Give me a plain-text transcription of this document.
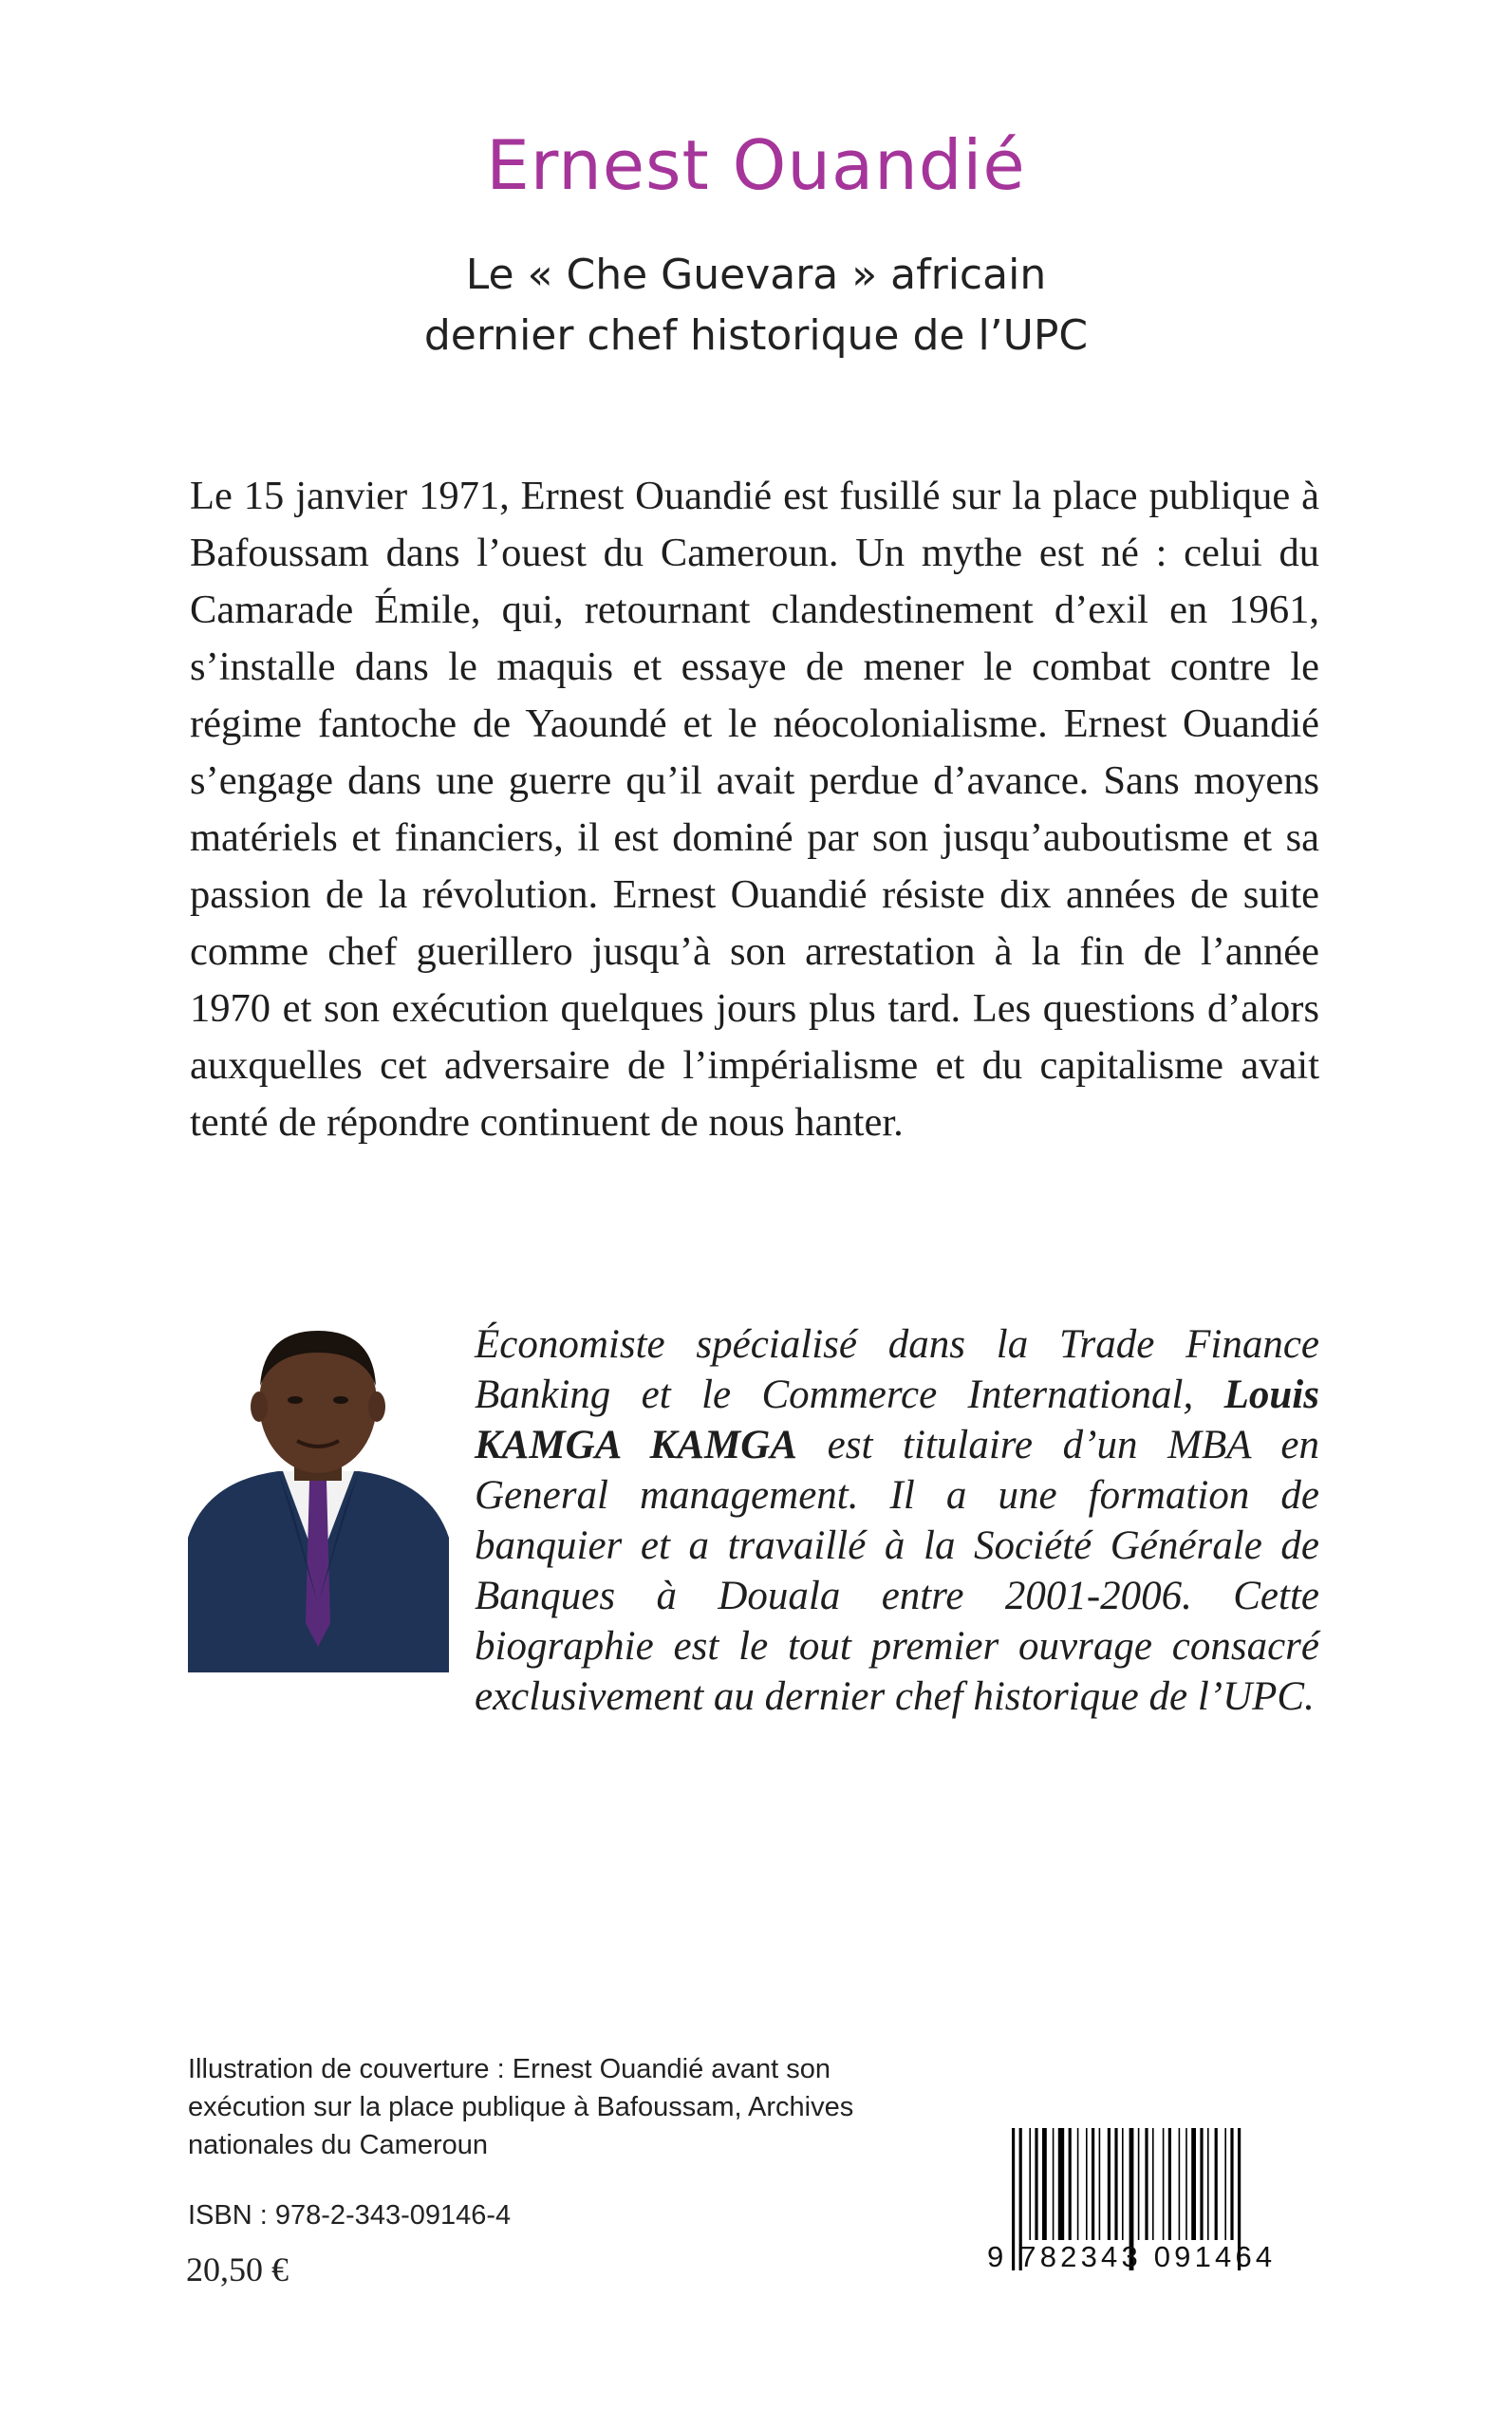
Ernest Ouandié
Le « Che Guevara » africain
dernier chef historique de l’UPC
Le 15 janvier 1971, Ernest Ouandié est fusillé sur la place publique à Bafoussam dans l’ouest du Cameroun. Un mythe est né : celui du Camarade Émile, qui, retournant clandestinement d’exil en 1961, s’installe dans le maquis et essaye de mener le combat contre le régime fantoche de Yaoundé et le néocolonialisme. Ernest Ouandié s’engage dans une guerre qu’il avait perdue d’avance. Sans moyens matériels et financiers, il est dominé par son jusqu’auboutisme et sa passion de la révolution. Ernest Ouandié résiste dix années de suite comme chef guerillero jusqu’à son arrestation à la fin de l’année 1970 et son exécution quelques jours plus tard. Les questions d’alors auxquelles cet adversaire de l’impérialisme et du capitalisme avait tenté de répondre continuent de nous hanter.
Économiste spécialisé dans la Trade Finance Banking et le Commerce International, Louis KAMGA KAMGA est titulaire d’un MBA en General management. Il a une formation de banquier et a travaillé à la Société Générale de Banques à Douala entre 2001-2006. Cette biographie est le tout premier ouvrage consacré exclusivement au dernier chef historique de l’UPC.
Illustration de couverture : Ernest Ouandié avant son exécution sur la place publique à Bafoussam, Archives nationales du Cameroun
ISBN : 978-2-343-09146-4
20,50 €	9 782343 091464
